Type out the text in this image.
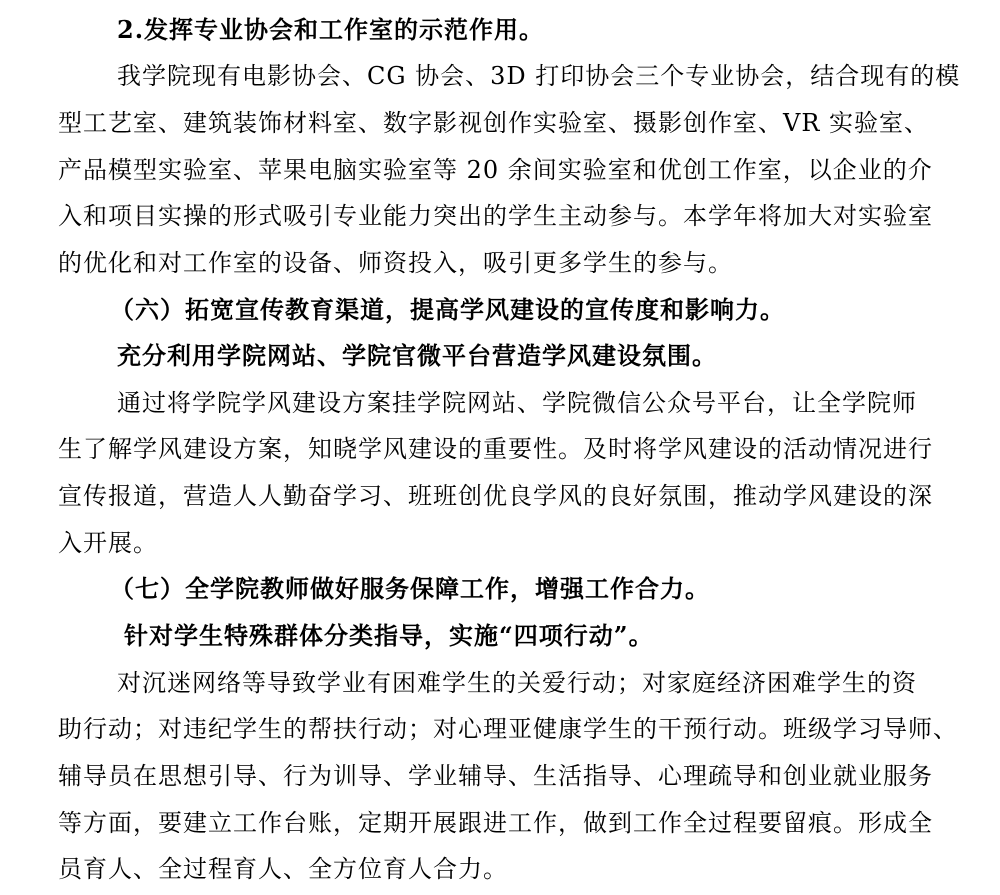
2.发挥专业协会和工作室的示范作用。
我学院现有电影协会、CG 协会、3D 打印协会三个专业协会，结合现有的模
型工艺室、建筑装饰材料室、数字影视创作实验室、摄影创作室、VR 实验室、
产品模型实验室、苹果电脑实验室等 20 余间实验室和优创工作室，以企业的介
入和项目实操的形式吸引专业能力突出的学生主动参与。本学年将加大对实验室
的优化和对工作室的设备、师资投入，吸引更多学生的参与。
（六）拓宽宣传教育渠道，提高学风建设的宣传度和影响力。
充分利用学院网站、学院官微平台营造学风建设氛围。
通过将学院学风建设方案挂学院网站、学院微信公众号平台，让全学院师
生了解学风建设方案，知晓学风建设的重要性。及时将学风建设的活动情况进行
宣传报道，营造人人勤奋学习、班班创优良学风的良好氛围，推动学风建设的深
入开展。
（七）全学院教师做好服务保障工作，增强工作合力。
针对学生特殊群体分类指导，实施“四项行动”。
对沉迷网络等导致学业有困难学生的关爱行动；对家庭经济困难学生的资
助行动；对违纪学生的帮扶行动；对心理亚健康学生的干预行动。班级学习导师、
辅导员在思想引导、行为训导、学业辅导、生活指导、心理疏导和创业就业服务
等方面，要建立工作台账，定期开展跟进工作，做到工作全过程要留痕。形成全
员育人、全过程育人、全方位育人合力。
